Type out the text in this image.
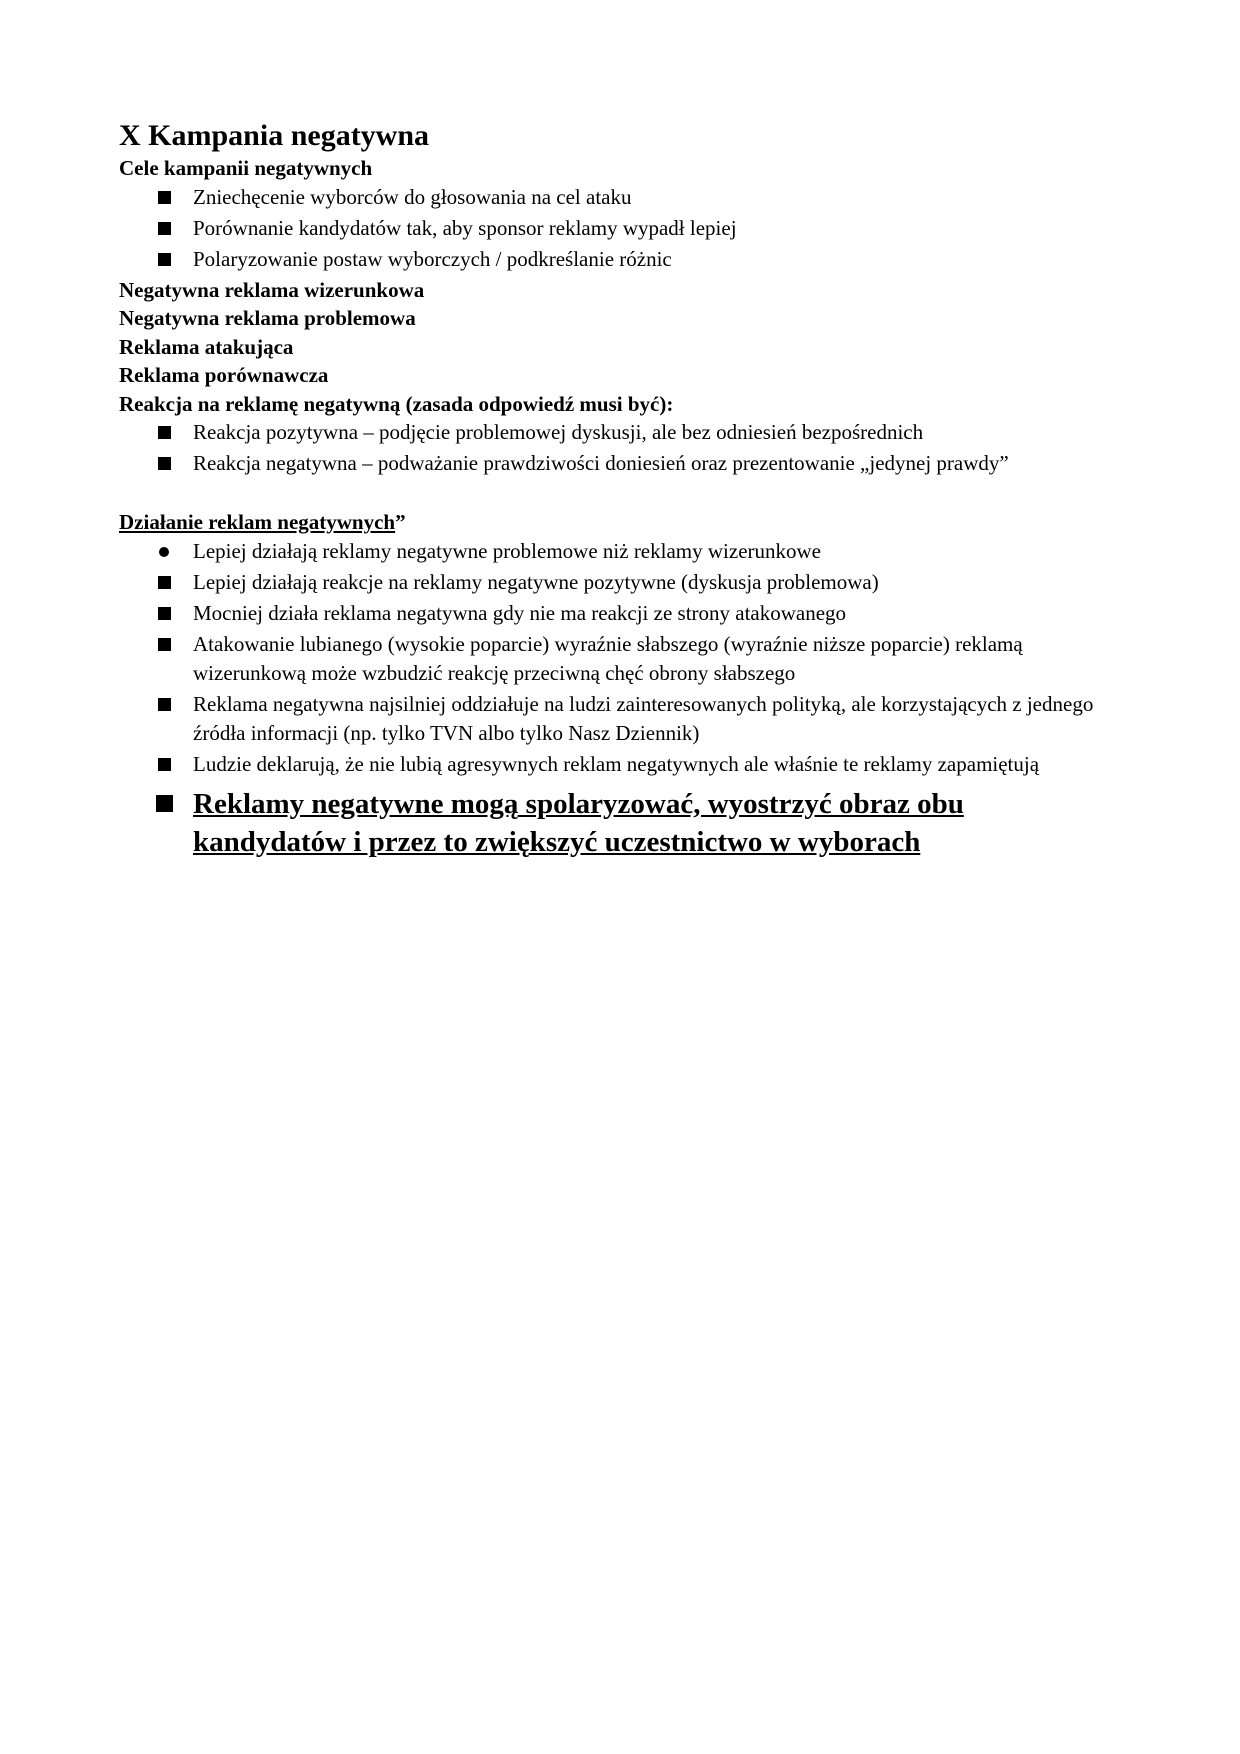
X Kampania negatywna

Cele kampanii negatywnych

Zniechęcenie wyborców do głosowania na cel ataku
Porównanie kandydatów tak, aby sponsor reklamy wypadł lepiej
Polaryzowanie postaw wyborczych / podkreślanie różnic

Negatywna reklama wizerunkowa

Negatywna reklama problemowa

Reklama atakująca

Reklama porównawcza

Reakcja na reklamę negatywną (zasada odpowiedź musi być):

Reakcja pozytywna – podjęcie problemowej dyskusji, ale bez odniesień bezpośrednich
Reakcja negatywna – podważanie prawdziwości doniesień oraz prezentowanie „jedynej prawdy”

Działanie reklam negatywnych”

Lepiej działają reklamy negatywne problemowe niż reklamy wizerunkowe
Lepiej działają reakcje na reklamy negatywne pozytywne (dyskusja problemowa)
Mocniej działa reklama negatywna gdy nie ma reakcji ze strony atakowanego
Atakowanie lubianego (wysokie poparcie) wyraźnie słabszego (wyraźnie niższe poparcie) reklamą wizerunkową może wzbudzić reakcję przeciwną chęć obrony słabszego
Reklama negatywna najsilniej oddziałuje na ludzi zainteresowanych polityką, ale korzystających z jednego źródła informacji (np. tylko TVN albo tylko Nasz Dziennik)
Ludzie deklarują, że nie lubią agresywnych reklam negatywnych ale właśnie te reklamy zapamiętują
Reklamy negatywne mogą spolaryzować, wyostrzyć obraz obu kandydatów i przez to zwiększyć uczestnictwo w wyborach
